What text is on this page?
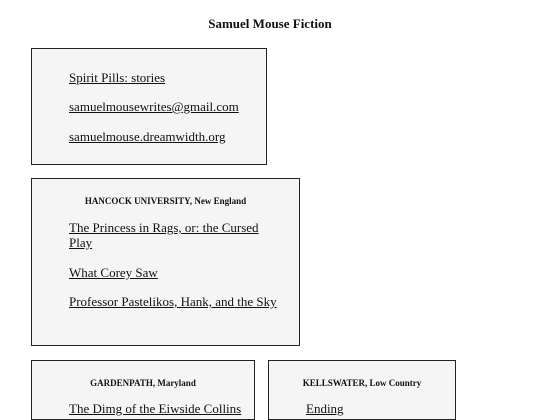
Samuel Mouse Fiction
Spirit Pills: stories
samuelmousewrites@gmail.com
samuelmouse.dreamwidth.org
HANCOCK UNIVERSITY, New England
The Princess in Rags, or: the Cursed Play
What Corey Saw
Professor Pastelikos, Hank, and the Sky
GARDENPATH, Maryland
The Dimg of the Eiwside Collins
KELLSWATER, Low Country
Ending
